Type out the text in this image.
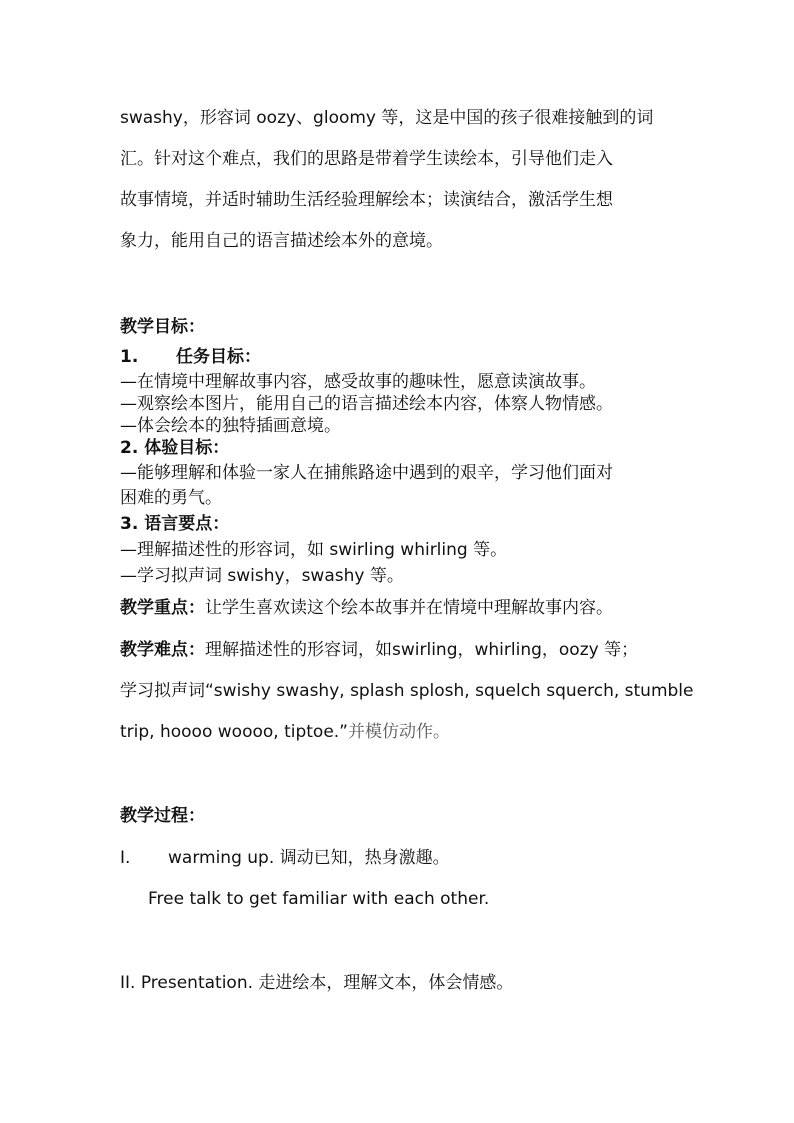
swashy，形容词 oozy、gloomy 等，这是中国的孩子很难接触到的词
汇。针对这个难点，我们的思路是带着学生读绘本，引导他们走入
故事情境，并适时辅助生活经验理解绘本；读演结合，激活学生想
象力，能用自己的语言描述绘本外的意境。
教学目标：
1. 任务目标：
—在情境中理解故事内容，感受故事的趣味性，愿意读演故事。
—观察绘本图片，能用自己的语言描述绘本内容，体察人物情感。
—体会绘本的独特插画意境。
2. 体验目标：
—能够理解和体验一家人在捕熊路途中遇到的艰辛，学习他们面对
困难的勇气。
3. 语言要点：
—理解描述性的形容词，如 swirling whirling 等。
—学习拟声词 swishy，swashy 等。
教学重点：让学生喜欢读这个绘本故事并在情境中理解故事内容。
教学难点：理解描述性的形容词，如swirling，whirling，oozy 等；
学习拟声词“swishy swashy, splash splosh, squelch squerch, stumble
trip, hoooo woooo, tiptoe.”并模仿动作。
教学过程：
I. warming up. 调动已知，热身激趣。
Free talk to get familiar with each other.
II. Presentation. 走进绘本，理解文本，体会情感。
